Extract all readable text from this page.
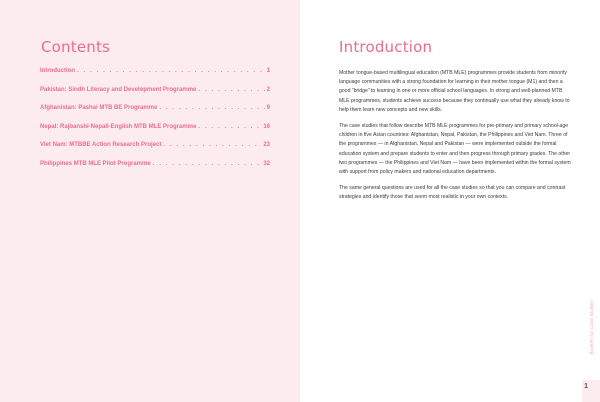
Contents
Introduction . . .	1
Pakistan: Sindh Literacy and Development Programme . . .	2
Afghanistan: Pashai MTB BE Programme . . .	9
Nepal: Rajbanshi-Nepali-English MTB MLE Programme . . .	16
Viet Nam: MTBBE Action Research Project . . .	23
Philippines MTB MLE Pilot Programme . . .	32
Introduction

Mother tongue-based multilingual education (MTB MLE) programmes provide students from minority language communities with a strong foundation for learning in their mother tongue (M1) and then a good “bridge” to learning in one or more official school languages. In strong and well-planned MTB MLE programmes, students achieve success because they continually use what they already know to help them learn new concepts and new skills.

The case studies that follow describe MTB MLE programmes for pre-primary and primary school-age children in five Asian countries: Afghanistan, Nepal, Pakistan, the Philippines and Viet Nam. Three of the programmes — in Afghanistan, Nepal and Pakistan — were implemented outside the formal education system and prepare students to enter and then progress through primary grades. The other two programmes — the Philippines and Viet Nam — have been implemented within the formal system with support from policy makers and national education departments.

The same general questions are used for all the case studies so that you can compare and contrast strategies and identify those that seem most realistic in your own contexts.

Booklet for Case Studies
1
